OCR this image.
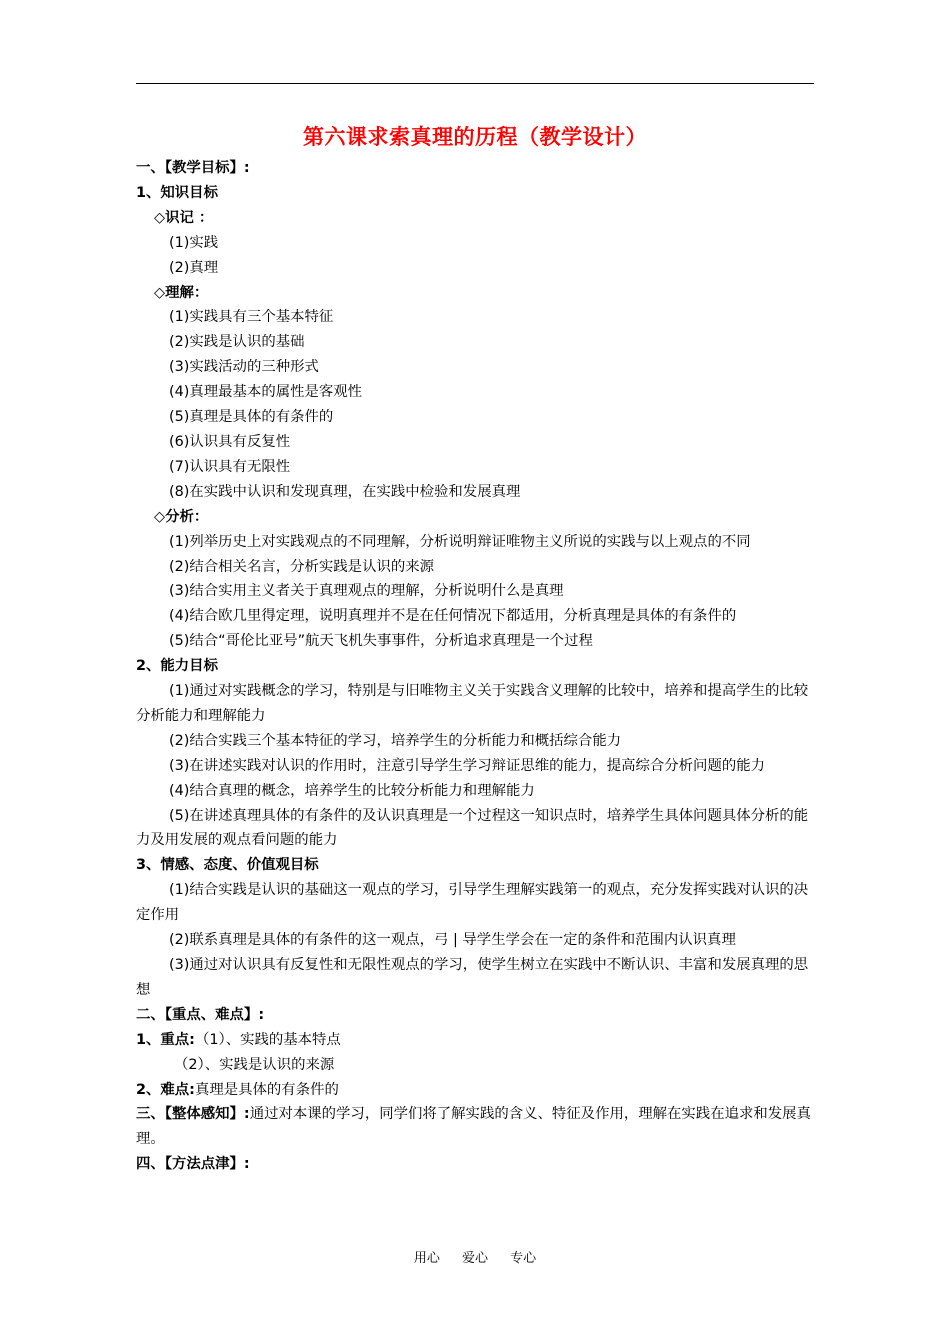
第六课求索真理的历程（教学设计）

一、【教学目标】:

1、知识目标

◇识记 ：

(1)实践

(2)真理

◇理解：

(1)实践具有三个基本特征

(2)实践是认识的基础

(3)实践活动的三种形式

(4)真理最基本的属性是客观性

(5)真理是具体的有条件的

(6)认识具有反复性

(7)认识具有无限性

(8)在实践中认识和发现真理，在实践中检验和发展真理

◇分析：

(1)列举历史上对实践观点的不同理解，分析说明辩证唯物主义所说的实践与以上观点的不同

(2)结合相关名言，分析实践是认识的来源

(3)结合实用主义者关于真理观点的理解，分析说明什么是真理

(4)结合欧几里得定理，说明真理并不是在任何情况下都适用，分析真理是具体的有条件的

(5)结合“哥伦比亚号”航天飞机失事事件，分析追求真理是一个过程

2、能力目标

(1)通过对实践概念的学习，特别是与旧唯物主义关于实践含义理解的比较中，培养和提高学生的比较分析能力和理解能力

(2)结合实践三个基本特征的学习，培养学生的分析能力和概括综合能力

(3)在讲述实践对认识的作用时，注意引导学生学习辩证思维的能力，提高综合分析问题的能力

(4)结合真理的概念，培养学生的比较分析能力和理解能力

(5)在讲述真理具体的有条件的及认识真理是一个过程这一知识点时，培养学生具体问题具体分析的能力及用发展的观点看问题的能力

3、情感、态度、价值观目标

(1)结合实践是认识的基础这一观点的学习，引导学生理解实践第一的观点，充分发挥实践对认识的决定作用

(2)联系真理是具体的有条件的这一观点，弓 | 导学生学会在一定的条件和范围内认识真理

(3)通过对认识具有反复性和无限性观点的学习，使学生树立在实践中不断认识、丰富和发展真理的思想

二、【重点、难点】:

1、重点:（1）、实践的基本特点

（2）、实践是认识的来源

2、难点:真理是具体的有条件的

三、【整体感知】:通过对本课的学习，同学们将了解实践的含义、特征及作用，理解在实践在追求和发展真理。

四、【方法点津】:

用心 爱心 专心
